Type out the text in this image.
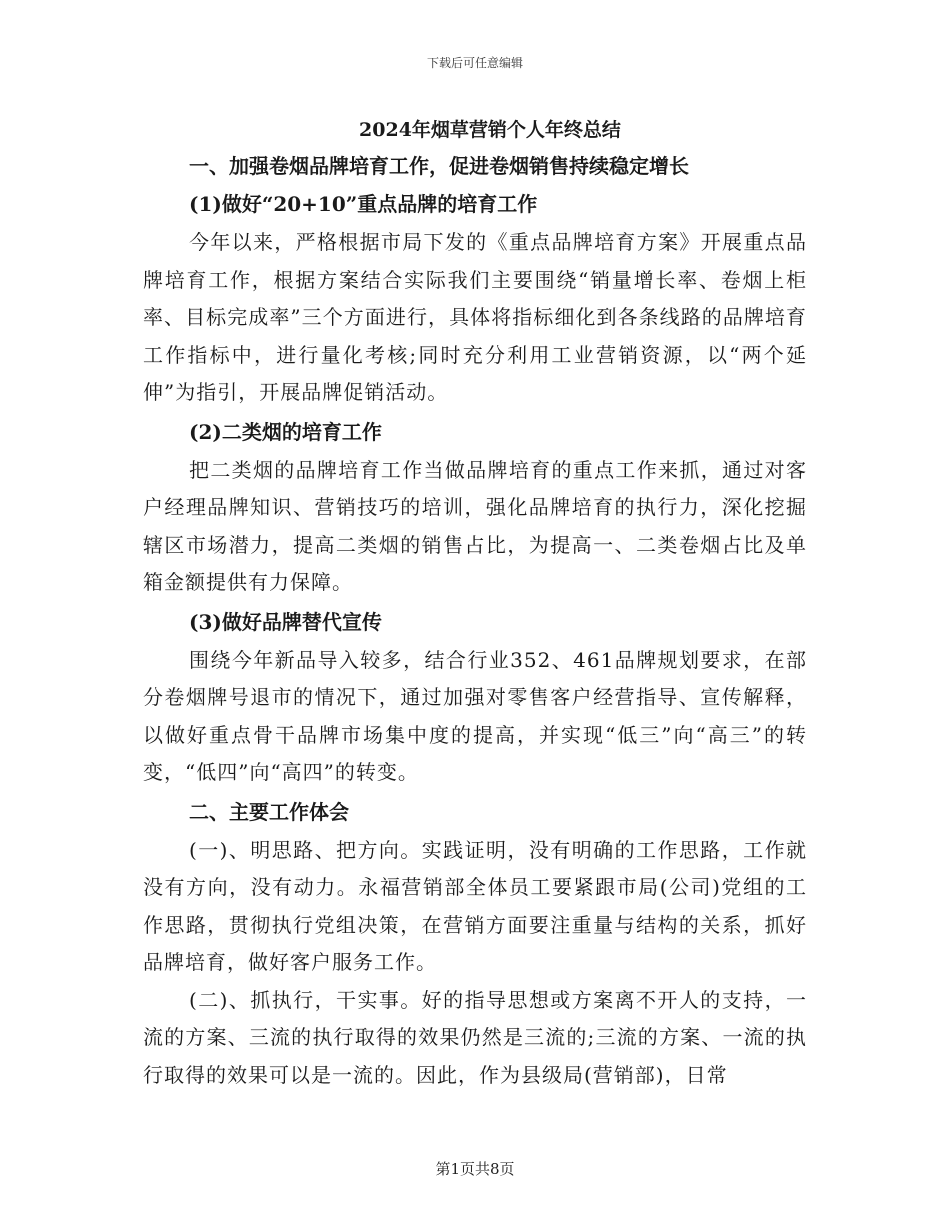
下载后可任意编辑
2024年烟草营销个人年终总结
一、加强卷烟品牌培育工作，促进卷烟销售持续稳定增长
(1)做好“20+10”重点品牌的培育工作

今年以来，严格根据市局下发的《重点品牌培育方案》开展重点品牌培育工作，根据方案结合实际我们主要围绕“销量增长率、卷烟上柜率、目标完成率”三个方面进行，具体将指标细化到各条线路的品牌培育工作指标中，进行量化考核;同时充分利用工业营销资源，以“两个延伸”为指引，开展品牌促销活动。

(2)二类烟的培育工作

把二类烟的品牌培育工作当做品牌培育的重点工作来抓，通过对客户经理品牌知识、营销技巧的培训，强化品牌培育的执行力，深化挖掘辖区市场潜力，提高二类烟的销售占比，为提高一、二类卷烟占比及单箱金额提供有力保障。

(3)做好品牌替代宣传

围绕今年新品导入较多，结合行业352、461品牌规划要求，在部分卷烟牌号退市的情况下，通过加强对零售客户经营指导、宣传解释，以做好重点骨干品牌市场集中度的提高，并实现“低三”向“高三”的转变，“低四”向“高四”的转变。

二、主要工作体会

(一)、明思路、把方向。实践证明，没有明确的工作思路，工作就没有方向，没有动力。永福营销部全体员工要紧跟市局(公司)党组的工作思路，贯彻执行党组决策，在营销方面要注重量与结构的关系，抓好品牌培育，做好客户服务工作。

(二)、抓执行，干实事。好的指导思想或方案离不开人的支持，一流的方案、三流的执行取得的效果仍然是三流的;三流的方案、一流的执行取得的效果可以是一流的。因此，作为县级局(营销部)，日常

第1页共8页
